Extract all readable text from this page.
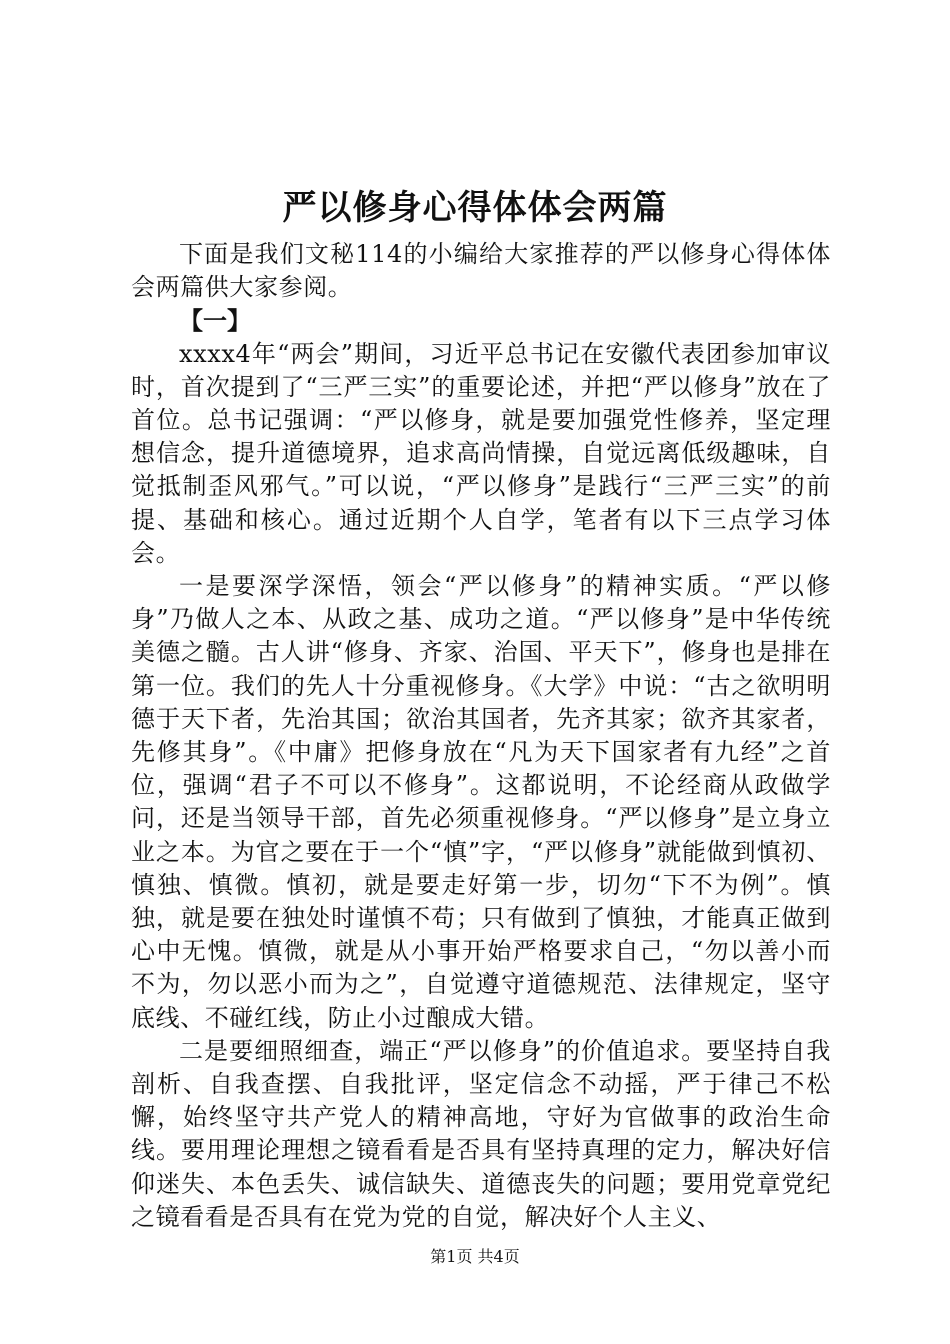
严以修身心得体体会两篇

下面是我们文秘114的小编给大家推荐的严以修身心得体体会两篇供大家参阅。

【一】

xxxx4年“两会”期间，习近平总书记在安徽代表团参加审议时，首次提到了“三严三实”的重要论述，并把“严以修身”放在了首位。总书记强调：“严以修身，就是要加强党性修养，坚定理想信念，提升道德境界，追求高尚情操，自觉远离低级趣味，自觉抵制歪风邪气。”可以说，“严以修身”是践行“三严三实”的前提、基础和核心。通过近期个人自学，笔者有以下三点学习体会。

一是要深学深悟，领会“严以修身”的精神实质。“严以修身”乃做人之本、从政之基、成功之道。“严以修身”是中华传统美德之髓。古人讲“修身、齐家、治国、平天下”，修身也是排在第一位。我们的先人十分重视修身。《大学》中说：“古之欲明明德于天下者，先治其国；欲治其国者，先齐其家；欲齐其家者，先修其身”。《中庸》把修身放在“凡为天下国家者有九经”之首位，强调“君子不可以不修身”。这都说明，不论经商从政做学问，还是当领导干部，首先必须重视修身。“严以修身”是立身立业之本。为官之要在于一个“慎”字，“严以修身”就能做到慎初、慎独、慎微。慎初，就是要走好第一步，切勿“下不为例”。慎独，就是要在独处时谨慎不苟；只有做到了慎独，才能真正做到心中无愧。慎微，就是从小事开始严格要求自己，“勿以善小而不为，勿以恶小而为之”，自觉遵守道德规范、法律规定，坚守底线、不碰红线，防止小过酿成大错。

二是要细照细查，端正“严以修身”的价值追求。要坚持自我剖析、自我查摆、自我批评，坚定信念不动摇，严于律己不松懈，始终坚守共产党人的精神高地，守好为官做事的政治生命线。要用理论理想之镜看看是否具有坚持真理的定力，解决好信仰迷失、本色丢失、诚信缺失、道德丧失的问题；要用党章党纪之镜看看是否具有在党为党的自觉，解决好个人主义、

第1页 共4页
